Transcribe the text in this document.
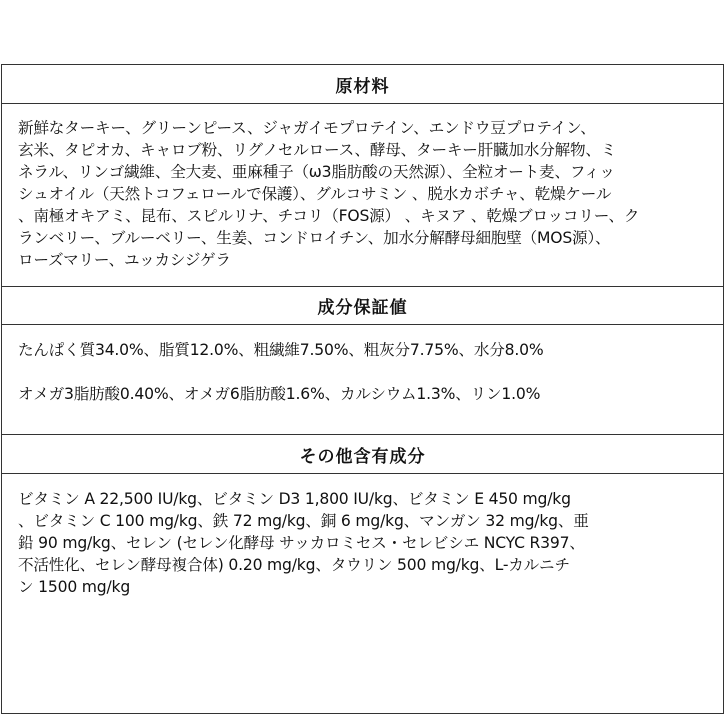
原材料
新鮮なターキー、グリーンピース、ジャガイモプロテイン、エンドウ豆プロテイン、
玄米、タピオカ、キャロブ粉、リグノセルロース、酵母、ターキー肝臓加水分解物、ミ
ネラル、リンゴ繊維、全大麦、亜麻種子（ω3脂肪酸の天然源）、全粒オート麦、フィッ
シュオイル（天然トコフェロールで保護）、グルコサミン 、脱水カボチャ、乾燥ケール
、南極オキアミ、昆布、スピルリナ、チコリ（FOS源） 、キヌア 、乾燥ブロッコリー、ク
ランベリー、ブルーベリー、生姜、コンドロイチン、加水分解酵母細胞壁（MOS源）、
ローズマリー、ユッカシジゲラ
成分保証値

たんぱく質34.0%、脂質12.0%、粗繊維7.50%、粗灰分7.75%、水分8.0%

オメガ3脂肪酸0.40%、オメガ6脂肪酸1.6%、カルシウム1.3%、リン1.0%

その他含有成分
ビタミン A 22,500 IU/kg、ビタミン D3 1,800 IU/kg、ビタミン E 450 mg/kg
、ビタミン C 100 mg/kg、鉄 72 mg/kg、銅 6 mg/kg、マンガン 32 mg/kg、亜
鉛 90 mg/kg、セレン (セレン化酵母 サッカロミセス・セレビシエ NCYC R397、
不活性化、セレン酵母複合体) 0.20 mg/kg、タウリン 500 mg/kg、L-カルニチ
ン 1500 mg/kg
